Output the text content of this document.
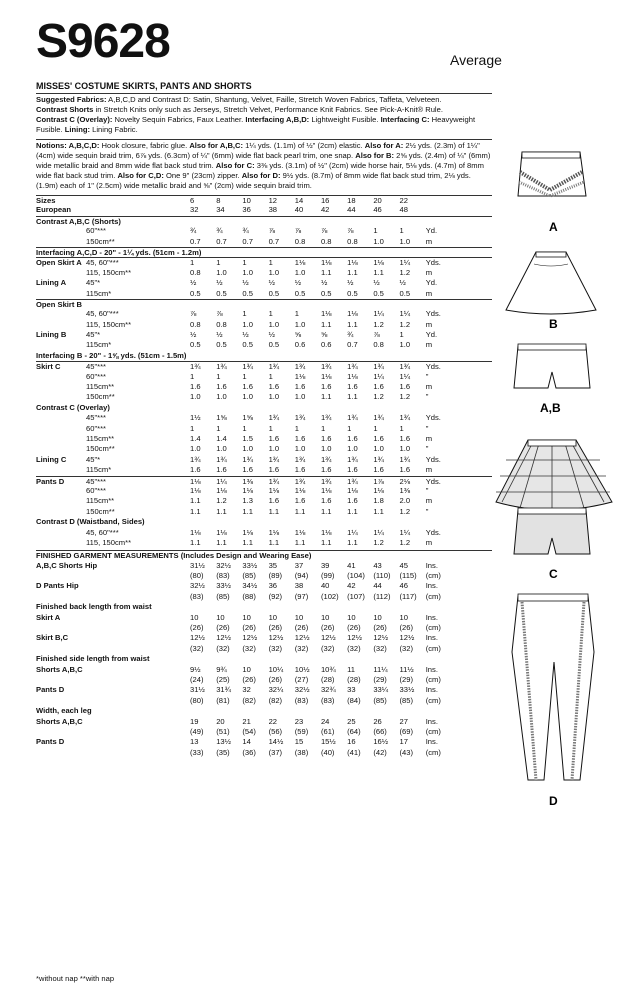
S9628	Average
MISSES' COSTUME SKIRTS, PANTS AND SHORTS
Suggested Fabrics: A,B,C,D and Contrast D: Satin, Shantung, Velvet, Faille, Stretch Woven Fabrics, Taffeta, Velveteen.
Contrast Shorts in Stretch Knits only such as Jerseys, Stretch Velvet, Performance Knit Fabrics. See Pick-A-Knit® Rule.
Contrast C (Overlay): Novelty Sequin Fabrics, Faux Leather. Interfacing A,B,D: Lightweight Fusible. Interfacing C: Heavyweight Fusible. Lining: Lining Fabric.
Notions: A,B,C,D: Hook closure, fabric glue. Also for A,B,C: 1¼ yds. (1.1m) of ½" (2cm) elastic. Also for A: 2½ yds. (2.3m) of 1¼" (4cm) wide sequin braid trim, 6⅞ yds. (6.3cm) of ¼" (6mm) wide flat back pearl trim, one snap. Also for B: 2⅝ yds. (2.4m) of ¼" (6mm) wide metallic braid and 8mm wide flat back stud trim. Also for C: 3⅜ yds. (3.1m) of ½" (2cm) wide horse hair, 5⅛ yds. (4.7m) of 8mm wide flat back stud trim. Also for C,D: One 9" (23cm) zipper. Also for D: 9½ yds. (8.7m) of 8mm wide flat back stud trim, 2⅛ yds. (1.9m) each of 1" (2.5cm) wide metallic braid and ⅝" (2cm) wide sequin braid trim.
Sizes	6	8	10	12	14	16	18	20	22
European	32	34	36	38	40	42	44	46	48
Contrast A,B,C (Shorts)
60"***	¾	¾	¾	⅞	⅞	⅞	⅞	1	1	Yd.
150cm**	0.7	0.7	0.7	0.7	0.8	0.8	0.8	1.0	1.0	m
Interfacing A,C,D - 20" - 1¼ yds. (51cm - 1.2m)
Open Skirt A 45, 60"***	1	1	1	1	1⅛	1⅛	1⅛	1⅛	1¼	Yds.
115, 150cm**	0.8	1.0	1.0	1.0	1.0	1.1	1.1	1.1	1.2	m
Lining A	45"*	½	½	½	½	½	½	½	½	½	Yd.
115cm*	0.5	0.5	0.5	0.5	0.5	0.5	0.5	0.5	0.5	m
Open Skirt B
45, 60"***	⅞	⅞	1	1	1	1⅛	1⅛	1¼	1¼	Yds.
115, 150cm**	0.8	0.8	1.0	1.0	1.0	1.1	1.1	1.2	1.2	m
Lining B	45"*	½	½	½	½	⅝	⅝	¾	⅞	1	Yd.
115cm*	0.5	0.5	0.5	0.5	0.6	0.6	0.7	0.8	1.0	m
Interfacing B - 20" - 1⅝ yds. (51cm - 1.5m)
Skirt C	45"***	1¾	1¾	1¾	1¾	1¾	1¾	1¾	1¾	1¾	Yds.
60"***	1	1	1	1	1⅛	1⅛	1⅛	1¼	1¼	"
115cm**	1.6	1.6	1.6	1.6	1.6	1.6	1.6	1.6	1.6	m
150cm**	1.0	1.0	1.0	1.0	1.0	1.1	1.1	1.2	1.2	"
Contrast C (Overlay)
45"***	1½	1⅝	1⅝	1¾	1¾	1¾	1¾	1¾	1¾	Yds.
60"***	1	1	1	1	1	1	1	1	1	"
115cm**	1.4	1.4	1.5	1.6	1.6	1.6	1.6	1.6	1.6	m
150cm**	1.0	1.0	1.0	1.0	1.0	1.0	1.0	1.0	1.0	"
Lining C	45"*	1¾	1¾	1¾	1¾	1¾	1¾	1¾	1¾	1¾	Yds.
115cm*	1.6	1.6	1.6	1.6	1.6	1.6	1.6	1.6	1.6	m
Pants D	45"***	1⅛	1¼	1⅜	1¾	1¾	1¾	1¾	1⅞	2⅛	Yds.
60"***	1⅛	1⅛	1⅛	1⅛	1⅛	1⅛	1⅛	1⅛	1⅜	"
115cm**	1.1	1.2	1.3	1.6	1.6	1.6	1.6	1.8	2.0	m
150cm**	1.1	1.1	1.1	1.1	1.1	1.1	1.1	1.1	1.2	"
Contrast D (Waistband, Sides)
45, 60"***	1⅛	1⅛	1⅛	1⅛	1⅛	1⅛	1¼	1¼	1¼	Yds.
115, 150cm**	1.1	1.1	1.1	1.1	1.1	1.1	1.1	1.2	1.2	m
FINISHED GARMENT MEASUREMENTS (Includes Design and Wearing Ease)
A,B,C Shorts Hip	31½	32½	33½	35	37	39	41	43	45	Ins.
(80)	(83)	(85)	(89)	(94)	(99)	(104)	(110)	(115)	(cm)
D Pants Hip	32½	33½	34½	36	38	40	42	44	46	Ins.
(83)	(85)	(88)	(92)	(97)	(102)	(107)	(112)	(117)	(cm)
Finished back length from waist
Skirt A	10	10	10	10	10	10	10	10	10	Ins.
(26)	(26)	(26)	(26)	(26)	(26)	(26)	(26)	(26)	(cm)
Skirt B,C	12½	12½	12½	12½	12½	12½	12½	12½	12½	Ins.
(32)	(32)	(32)	(32)	(32)	(32)	(32)	(32)	(32)	(cm)
Finished side length from waist
Shorts A,B,C	9½	9¾	10	10¼	10½	10¾	11	11¼	11½	Ins.
(24)	(25)	(26)	(26)	(27)	(28)	(28)	(29)	(29)	(cm)
Pants D	31½	31¾	32	32¼	32½	32¾	33	33¼	33½	Ins.
(80)	(81)	(82)	(82)	(83)	(83)	(84)	(85)	(85)	(cm)
Width, each leg
Shorts A,B,C	19	20	21	22	23	24	25	26	27	Ins.
(49)	(51)	(54)	(56)	(59)	(61)	(64)	(66)	(69)	(cm)
Pants D	13	13½	14	14½	15	15½	16	16½	17	Ins.
(33)	(35)	(36)	(37)	(38)	(40)	(41)	(42)	(43)	(cm)
A
B
A,B
C
D
*without nap **with nap
